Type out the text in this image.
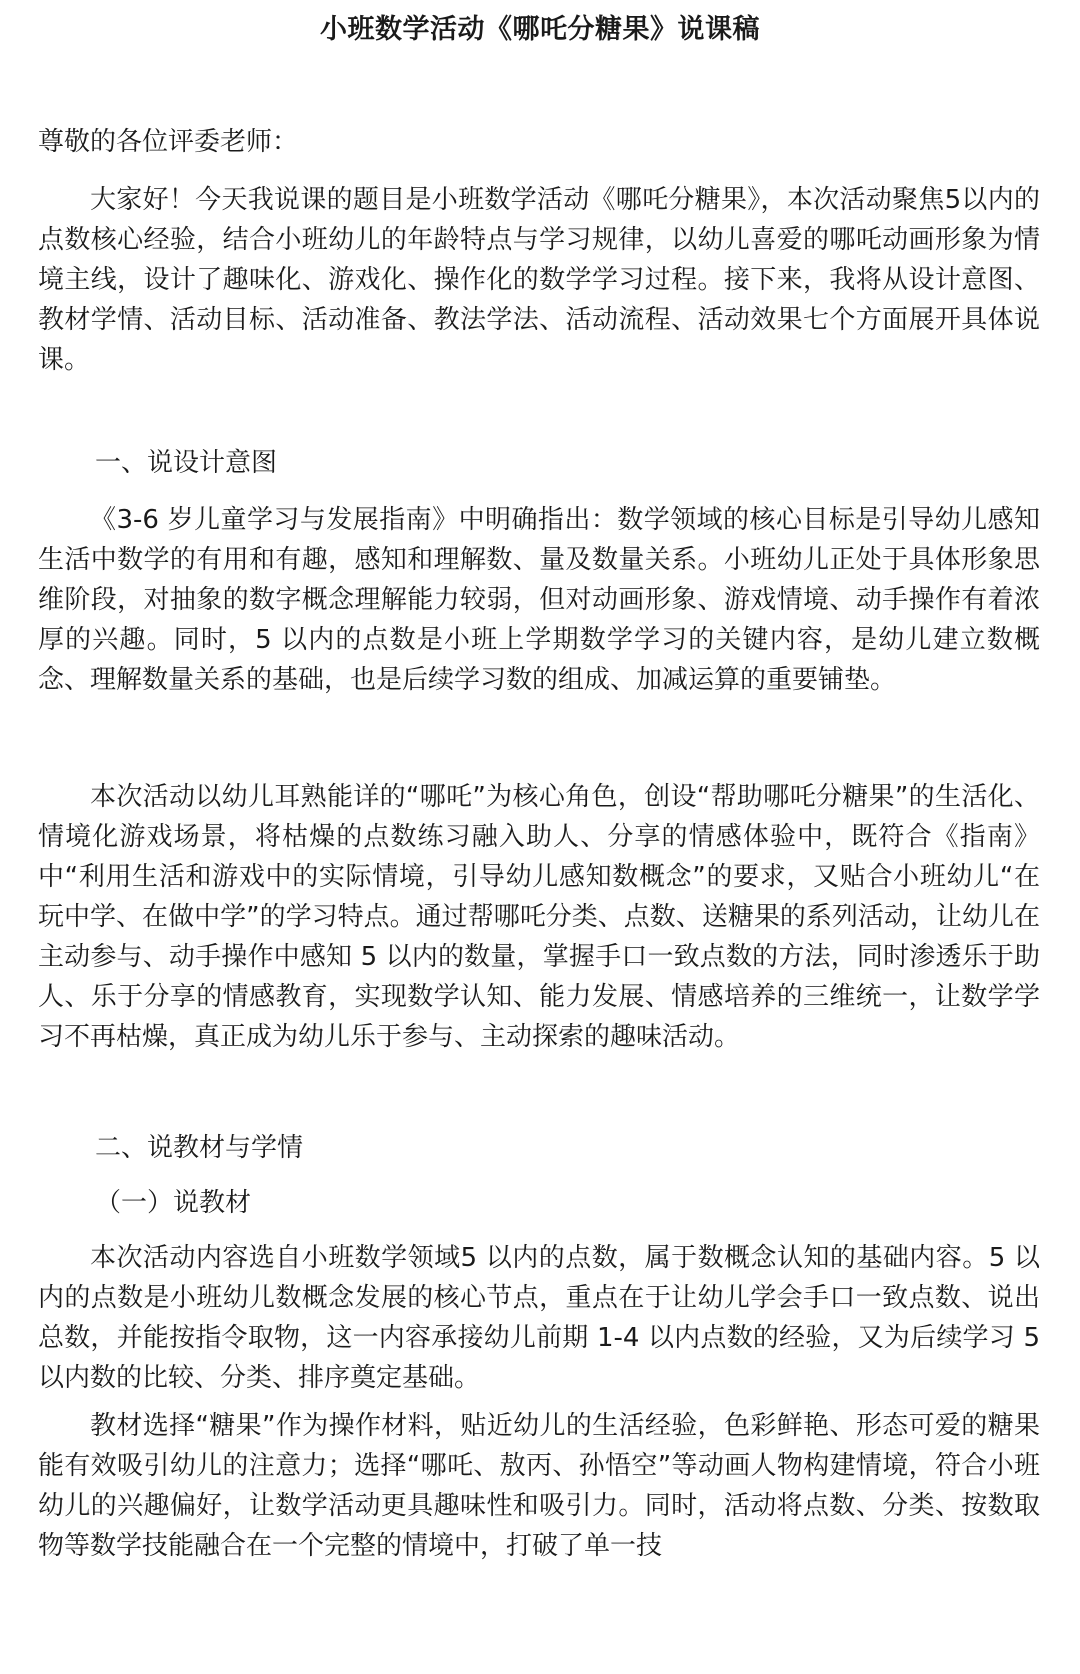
小班数学活动《哪吒分糖果》说课稿

尊敬的各位评委老师：

大家好！今天我说课的题目是小班数学活动《哪吒分糖果》，本次活动聚焦5以内的点数核心经验，结合小班幼儿的年龄特点与学习规律，以幼儿喜爱的哪吒动画形象为情境主线，设计了趣味化、游戏化、操作化的数学学习过程。接下来，我将从设计意图、教材学情、活动目标、活动准备、教法学法、活动流程、活动效果七个方面展开具体说课。

一、说设计意图

《3-6 岁儿童学习与发展指南》中明确指出：数学领域的核心目标是引导幼儿感知生活中数学的有用和有趣，感知和理解数、量及数量关系。小班幼儿正处于具体形象思维阶段，对抽象的数字概念理解能力较弱，但对动画形象、游戏情境、动手操作有着浓厚的兴趣。同时，5 以内的点数是小班上学期数学学习的关键内容，是幼儿建立数概念、理解数量关系的基础，也是后续学习数的组成、加减运算的重要铺垫。

本次活动以幼儿耳熟能详的“哪吒”为核心角色，创设“帮助哪吒分糖果”的生活化、情境化游戏场景，将枯燥的点数练习融入助人、分享的情感体验中，既符合《指南》中“利用生活和游戏中的实际情境，引导幼儿感知数概念”的要求，又贴合小班幼儿“在玩中学、在做中学”的学习特点。通过帮哪吒分类、点数、送糖果的系列活动，让幼儿在主动参与、动手操作中感知 5 以内的数量，掌握手口一致点数的方法，同时渗透乐于助人、乐于分享的情感教育，实现数学认知、能力发展、情感培养的三维统一，让数学学习不再枯燥，真正成为幼儿乐于参与、主动探索的趣味活动。

二、说教材与学情

（一）说教材

本次活动内容选自小班数学领域5 以内的点数，属于数概念认知的基础内容。5 以内的点数是小班幼儿数概念发展的核心节点，重点在于让幼儿学会手口一致点数、说出总数，并能按指令取物，这一内容承接幼儿前期 1-4 以内点数的经验，又为后续学习 5 以内数的比较、分类、排序奠定基础。

教材选择“糖果”作为操作材料，贴近幼儿的生活经验，色彩鲜艳、形态可爱的糖果能有效吸引幼儿的注意力；选择“哪吒、敖丙、孙悟空”等动画人物构建情境，符合小班幼儿的兴趣偏好，让数学活动更具趣味性和吸引力。同时，活动将点数、分类、按数取物等数学技能融合在一个完整的情境中，打破了单一技
